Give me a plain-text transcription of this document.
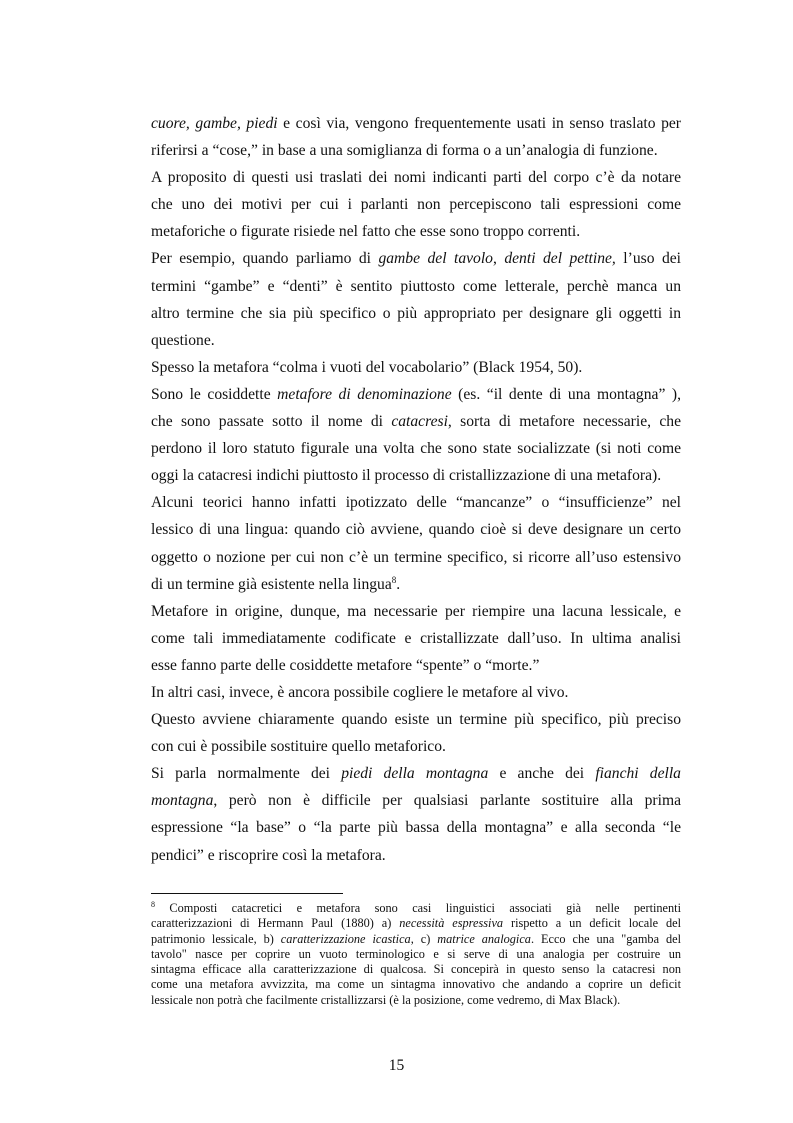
cuore, gambe, piedi e così via, vengono frequentemente usati in senso traslato per
riferirsi a “cose,” in base a una somiglianza di forma o a un’analogia di funzione.

A proposito di questi usi traslati dei nomi indicanti parti del corpo c’è da notare
che uno dei motivi per cui i parlanti non percepiscono tali espressioni come
metaforiche o figurate risiede nel fatto che esse sono troppo correnti.

Per esempio, quando parliamo di gambe del tavolo, denti del pettine, l’uso dei
termini “gambe” e “denti” è sentito piuttosto come letterale, perchè manca un
altro termine che sia più specifico o più appropriato per designare gli oggetti in
questione.

Spesso la metafora “colma i vuoti del vocabolario” (Black 1954, 50).

Sono le cosiddette metafore di denominazione (es. “il dente di una montagna” ),
che sono passate sotto il nome di catacresi, sorta di metafore necessarie, che
perdono il loro statuto figurale una volta che sono state socializzate (si noti come
oggi la catacresi indichi piuttosto il processo di cristallizzazione di una metafora).

Alcuni teorici hanno infatti ipotizzato delle “mancanze” o “insufficienze” nel
lessico di una lingua: quando ciò avviene, quando cioè si deve designare un certo
oggetto o nozione per cui non c’è un termine specifico, si ricorre all’uso estensivo
di un termine già esistente nella lingua$^8$.

Metafore in origine, dunque, ma necessarie per riempire una lacuna lessicale, e
come tali immediatamente codificate e cristallizzate dall’uso. In ultima analisi
esse fanno parte delle cosiddette metafore “spente” o “morte.”

In altri casi, invece, è ancora possibile cogliere le metafore al vivo.

Questo avviene chiaramente quando esiste un termine più specifico, più preciso
con cui è possibile sostituire quello metaforico.

Si parla normalmente dei piedi della montagna e anche dei fianchi della
montagna, però non è difficile per qualsiasi parlante sostituire alla prima
espressione “la base” o “la parte più bassa della montagna” e alla seconda “le
pendici” e riscoprire così la metafora.

$^8$ Composti catacretici e metafora sono casi linguistici associati già nelle pertinenti
caratterizzazioni di Hermann Paul (1880) a) necessità espressiva rispetto a un deficit locale del
patrimonio lessicale, b) caratterizzazione icastica, c) matrice analogica. Ecco che una "gamba del
tavolo" nasce per coprire un vuoto terminologico e si serve di una analogia per costruire un
sintagma efficace alla caratterizzazione di qualcosa. Si concepirà in questo senso la catacresi non
come una metafora avvizzita, ma come un sintagma innovativo che andando a coprire un deficit
lessicale non potrà che facilmente cristallizzarsi (è la posizione, come vedremo, di Max Black).
15
